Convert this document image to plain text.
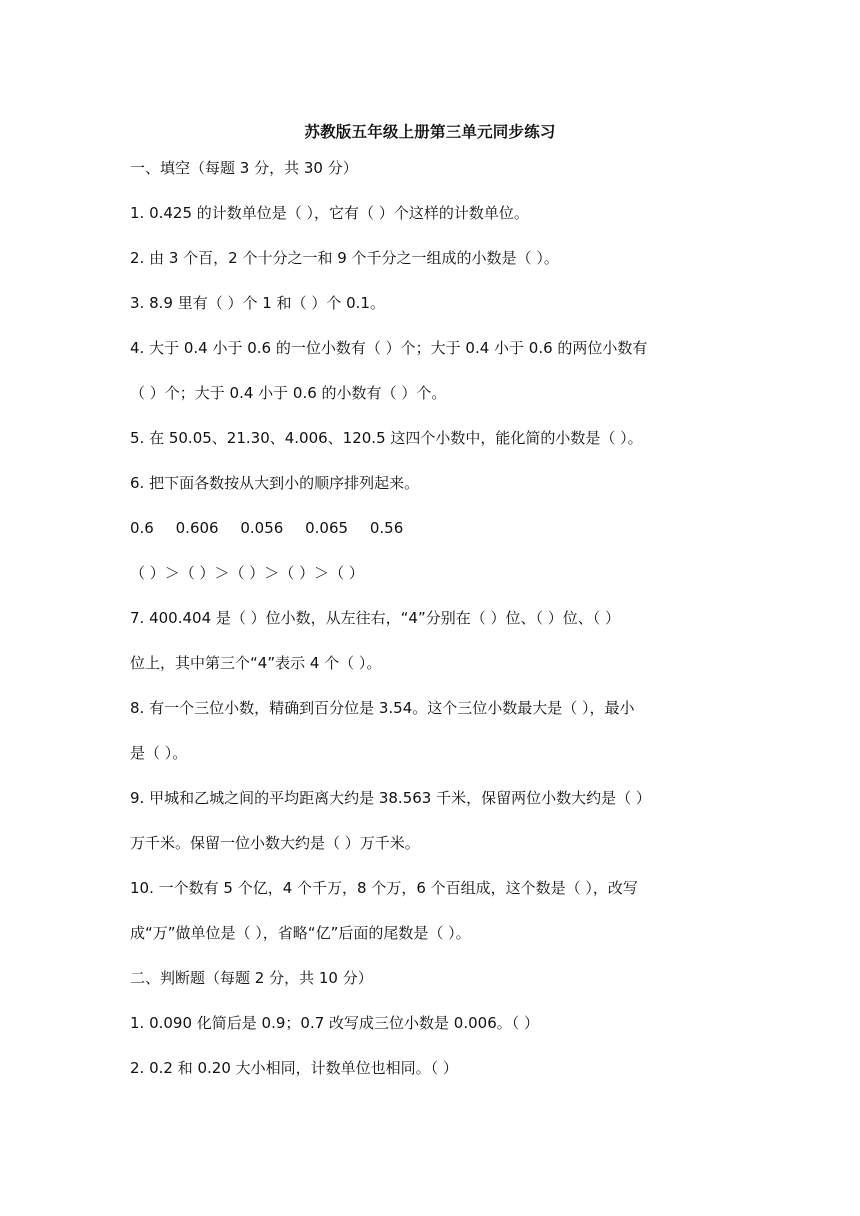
苏教版五年级上册第三单元同步练习
一、填空（每题 3 分，共 30 分）
1. 0.425 的计数单位是（ ），它有（ ）个这样的计数单位。
2. 由 3 个百，2 个十分之一和 9 个千分之一组成的小数是（ ）。
3. 8.9 里有（ ）个 1 和（ ）个 0.1。
4. 大于 0.4 小于 0.6 的一位小数有（ ）个；大于 0.4 小于 0.6 的两位小数有
（ ）个；大于 0.4 小于 0.6 的小数有（ ）个。
5. 在 50.05、21.30、4.006、120.5 这四个小数中，能化简的小数是（ ）。
6. 把下面各数按从大到小的顺序排列起来。
0.6 0.606 0.056 0.065 0.56
（ ）＞（ ）＞（ ）＞（ ）＞（ ）
7. 400.404 是（ ）位小数，从左往右，“4”分别在（ ）位、（ ）位、（ ）
位上，其中第三个“4”表示 4 个（ ）。
8. 有一个三位小数，精确到百分位是 3.54。这个三位小数最大是（ ），最小
是（ ）。
9. 甲城和乙城之间的平均距离大约是 38.563 千米，保留两位小数大约是（ ）
万千米。保留一位小数大约是（ ）万千米。
10. 一个数有 5 个亿，4 个千万，8 个万，6 个百组成，这个数是（ ），改写
成“万”做单位是（ ），省略“亿”后面的尾数是（ ）。
二、判断题（每题 2 分，共 10 分）
1. 0.090 化简后是 0.9；0.7 改写成三位小数是 0.006。（ ）
2. 0.2 和 0.20 大小相同，计数单位也相同。（ ）
